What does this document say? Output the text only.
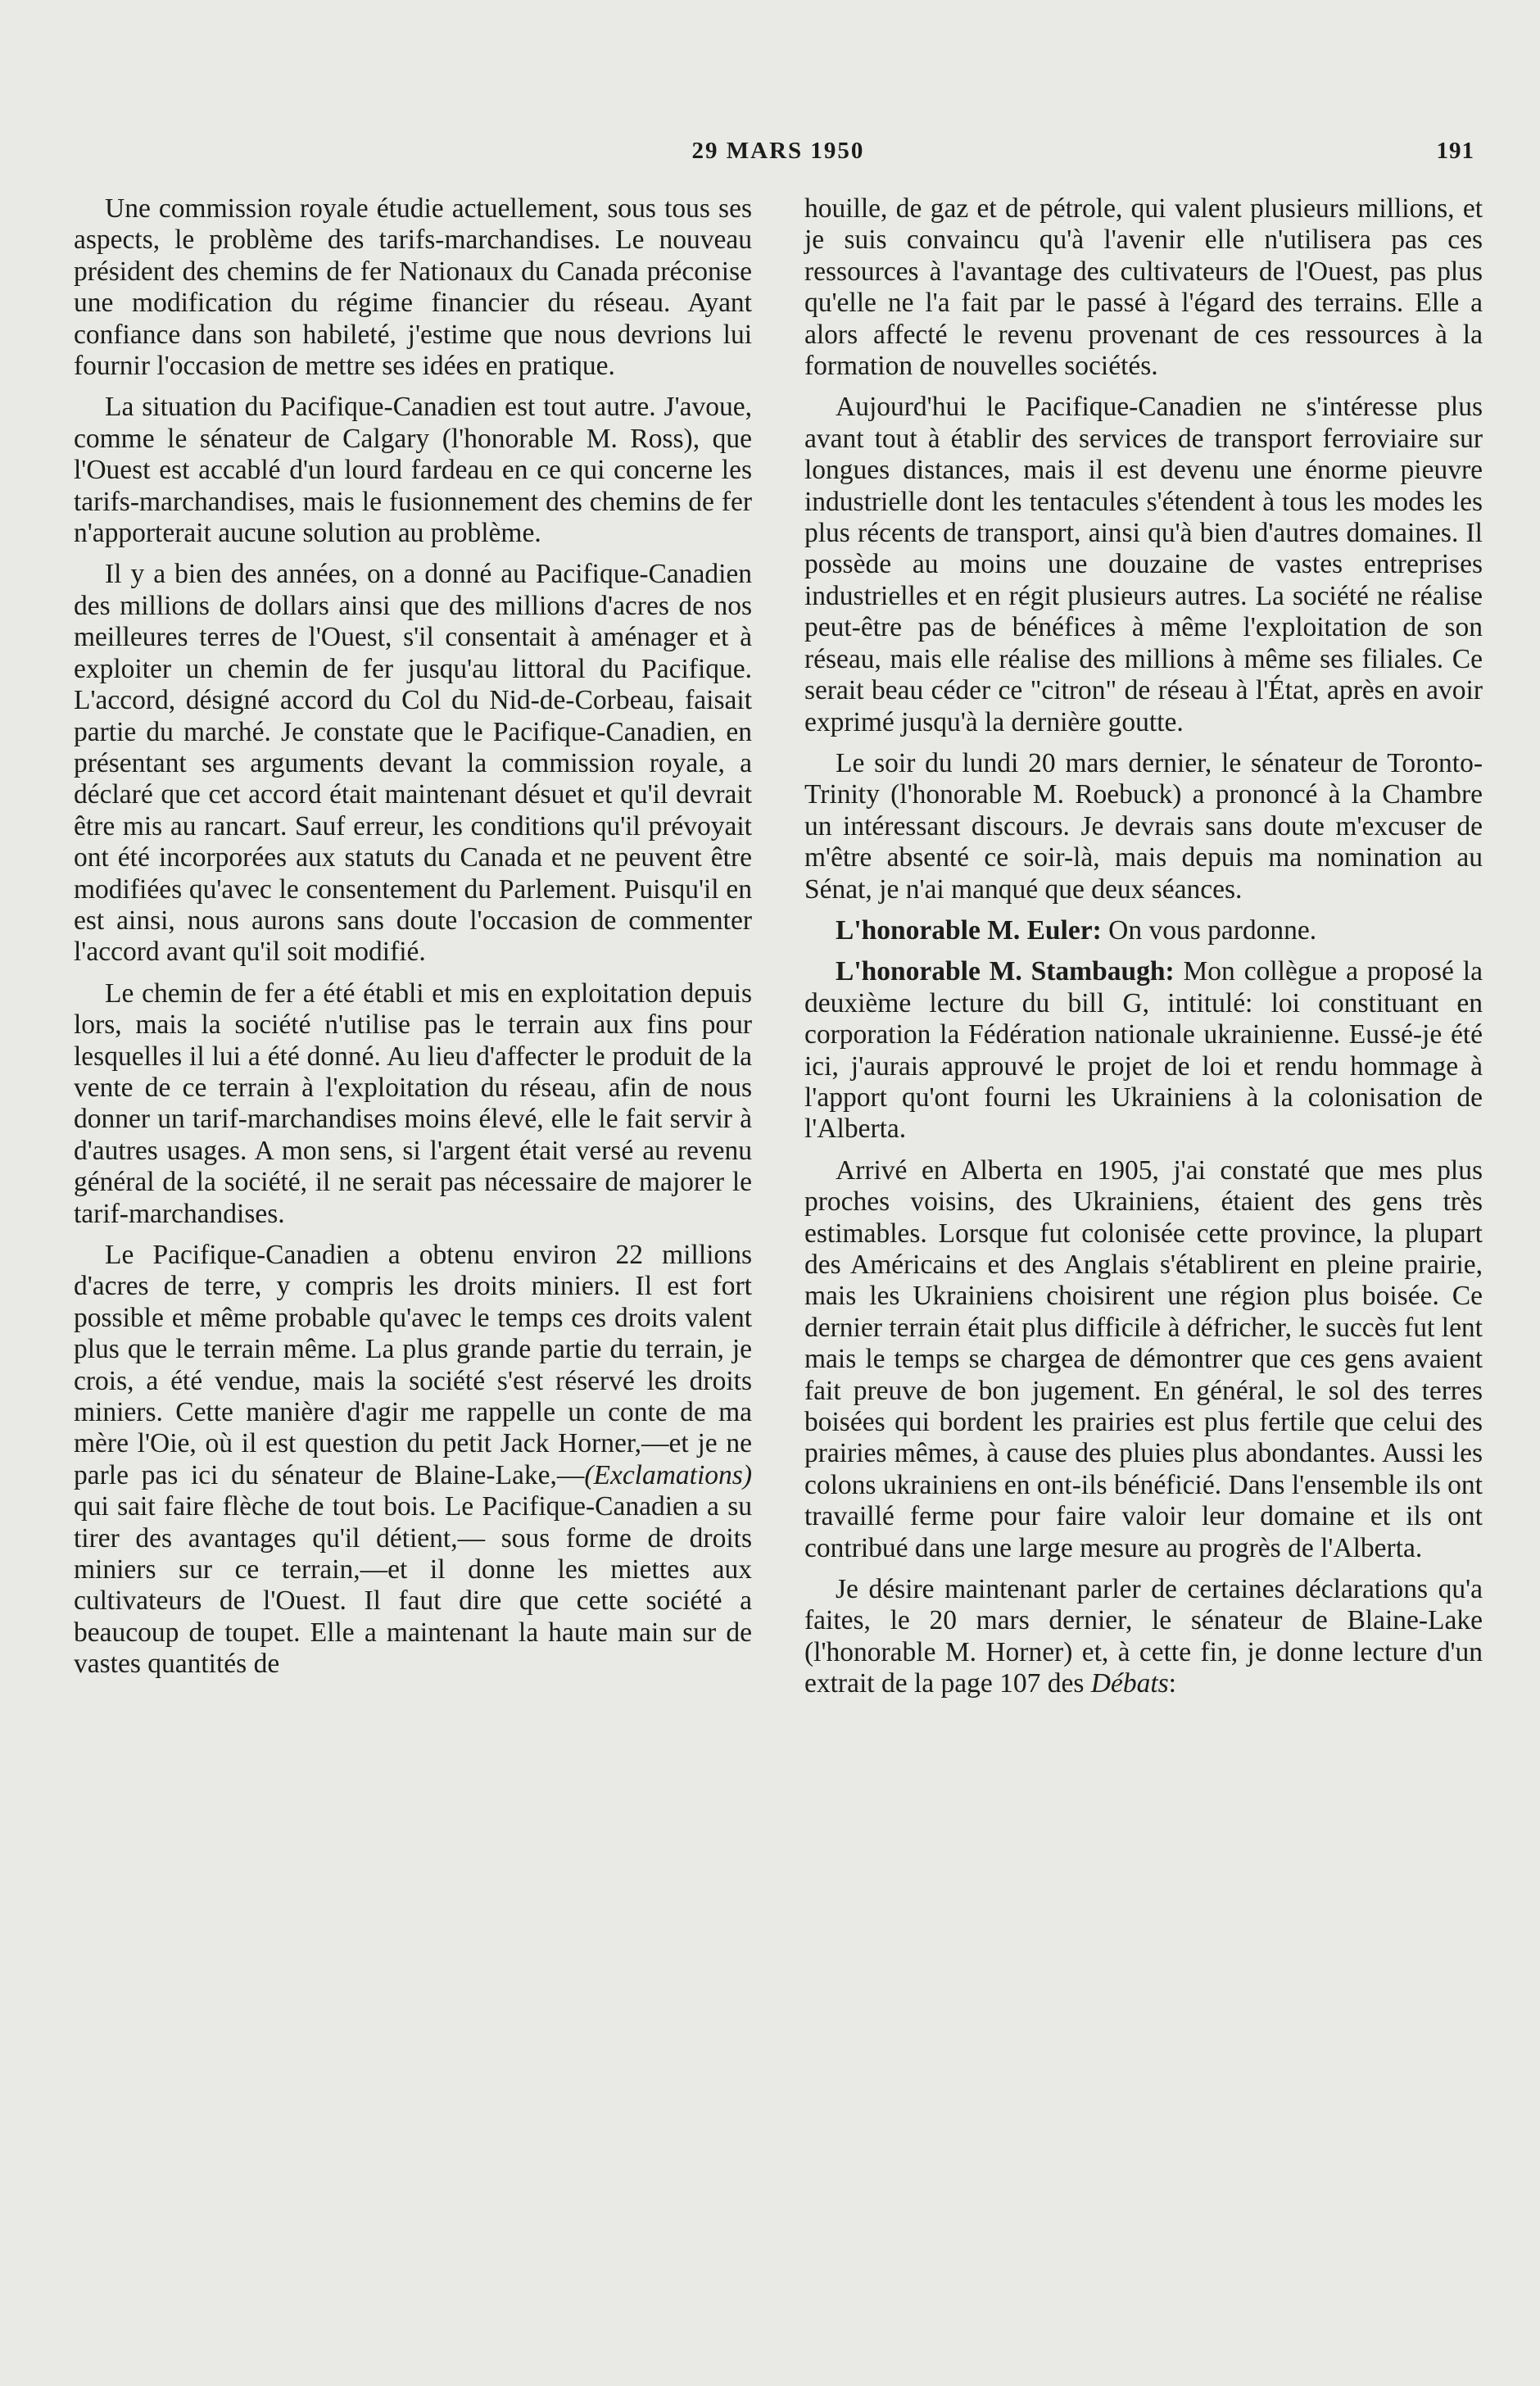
29 MARS 1950	191

Une commission royale étudie actuellement, sous tous ses aspects, le problème des tarifs-marchandises. Le nouveau président des chemins de fer Nationaux du Canada préconise une modification du régime financier du réseau. Ayant confiance dans son habileté, j'estime que nous devrions lui fournir l'occasion de mettre ses idées en pratique.

La situation du Pacifique-Canadien est tout autre. J'avoue, comme le sénateur de Calgary (l'honorable M. Ross), que l'Ouest est accablé d'un lourd fardeau en ce qui concerne les tarifs-marchandises, mais le fusionnement des chemins de fer n'apporterait aucune solution au problème.

Il y a bien des années, on a donné au Pacifique-Canadien des millions de dollars ainsi que des millions d'acres de nos meilleures terres de l'Ouest, s'il consentait à aménager et à exploiter un chemin de fer jusqu'au littoral du Pacifique. L'accord, désigné accord du Col du Nid-de-Corbeau, faisait partie du marché. Je constate que le Pacifique-Canadien, en présentant ses arguments devant la commission royale, a déclaré que cet accord était maintenant désuet et qu'il devrait être mis au rancart. Sauf erreur, les conditions qu'il prévoyait ont été incorporées aux statuts du Canada et ne peuvent être modifiées qu'avec le consentement du Parlement. Puisqu'il en est ainsi, nous aurons sans doute l'occasion de commenter l'accord avant qu'il soit modifié.

Le chemin de fer a été établi et mis en exploitation depuis lors, mais la société n'utilise pas le terrain aux fins pour lesquelles il lui a été donné. Au lieu d'affecter le produit de la vente de ce terrain à l'exploitation du réseau, afin de nous donner un tarif-marchandises moins élevé, elle le fait servir à d'autres usages. A mon sens, si l'argent était versé au revenu général de la société, il ne serait pas nécessaire de majorer le tarif-marchandises.

Le Pacifique-Canadien a obtenu environ 22 millions d'acres de terre, y compris les droits miniers. Il est fort possible et même probable qu'avec le temps ces droits valent plus que le terrain même. La plus grande partie du terrain, je crois, a été vendue, mais la société s'est réservé les droits miniers. Cette manière d'agir me rappelle un conte de ma mère l'Oie, où il est question du petit Jack Horner,—et je ne parle pas ici du sénateur de Blaine-Lake,—(Exclamations) qui sait faire flèche de tout bois. Le Pacifique-Canadien a su tirer des avantages qu'il détient,— sous forme de droits miniers sur ce terrain,—et il donne les miettes aux cultivateurs de l'Ouest. Il faut dire que cette société a beaucoup de toupet. Elle a maintenant la haute main sur de vastes quantités de

houille, de gaz et de pétrole, qui valent plusieurs millions, et je suis convaincu qu'à l'avenir elle n'utilisera pas ces ressources à l'avantage des cultivateurs de l'Ouest, pas plus qu'elle ne l'a fait par le passé à l'égard des terrains. Elle a alors affecté le revenu provenant de ces ressources à la formation de nouvelles sociétés.

Aujourd'hui le Pacifique-Canadien ne s'intéresse plus avant tout à établir des services de transport ferroviaire sur longues distances, mais il est devenu une énorme pieuvre industrielle dont les tentacules s'étendent à tous les modes les plus récents de transport, ainsi qu'à bien d'autres domaines. Il possède au moins une douzaine de vastes entreprises industrielles et en régit plusieurs autres. La société ne réalise peut-être pas de bénéfices à même l'exploitation de son réseau, mais elle réalise des millions à même ses filiales. Ce serait beau céder ce "citron" de réseau à l'État, après en avoir exprimé jusqu'à la dernière goutte.

Le soir du lundi 20 mars dernier, le sénateur de Toronto-Trinity (l'honorable M. Roebuck) a prononcé à la Chambre un intéressant discours. Je devrais sans doute m'excuser de m'être absenté ce soir-là, mais depuis ma nomination au Sénat, je n'ai manqué que deux séances.

L'honorable M. Euler: On vous pardonne.

L'honorable M. Stambaugh: Mon collègue a proposé la deuxième lecture du bill G, intitulé: loi constituant en corporation la Fédération nationale ukrainienne. Eussé-je été ici, j'aurais approuvé le projet de loi et rendu hommage à l'apport qu'ont fourni les Ukrainiens à la colonisation de l'Alberta.

Arrivé en Alberta en 1905, j'ai constaté que mes plus proches voisins, des Ukrainiens, étaient des gens très estimables. Lorsque fut colonisée cette province, la plupart des Américains et des Anglais s'établirent en pleine prairie, mais les Ukrainiens choisirent une région plus boisée. Ce dernier terrain était plus difficile à défricher, le succès fut lent mais le temps se chargea de démontrer que ces gens avaient fait preuve de bon jugement. En général, le sol des terres boisées qui bordent les prairies est plus fertile que celui des prairies mêmes, à cause des pluies plus abondantes. Aussi les colons ukrainiens en ont-ils bénéficié. Dans l'ensemble ils ont travaillé ferme pour faire valoir leur domaine et ils ont contribué dans une large mesure au progrès de l'Alberta.

Je désire maintenant parler de certaines déclarations qu'a faites, le 20 mars dernier, le sénateur de Blaine-Lake (l'honorable M. Horner) et, à cette fin, je donne lecture d'un extrait de la page 107 des Débats:
